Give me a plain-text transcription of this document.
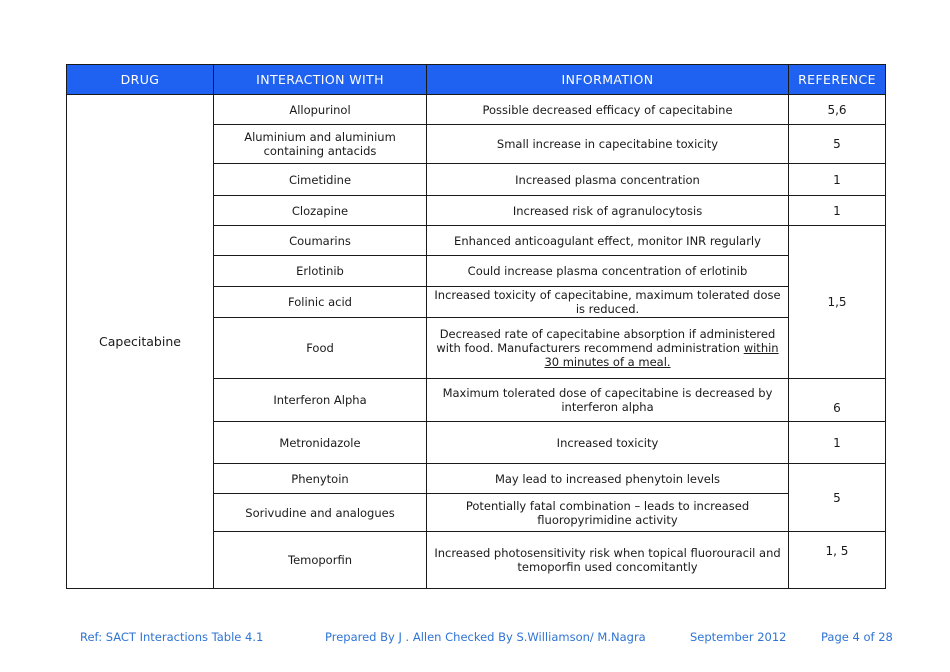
DRUG	INTERACTION WITH	INFORMATION	REFERENCE
Capecitabine	Allopurinol	Possible decreased efficacy of capecitabine	5,6
	Aluminium and aluminium containing antacids	Small increase in capecitabine toxicity	5
	Cimetidine	Increased plasma concentration	1
	Clozapine	Increased risk of agranulocytosis	1
	Coumarins	Enhanced anticoagulant effect, monitor INR regularly	1,5
	Erlotinib	Could increase plasma concentration of erlotinib	
	Folinic acid	Increased toxicity of capecitabine, maximum tolerated dose is reduced.	
	Food	Decreased rate of capecitabine absorption if administered with food. Manufacturers recommend administration within 30 minutes of a meal.	
	Interferon Alpha	Maximum tolerated dose of capecitabine is decreased by interferon alpha	6
	Metronidazole	Increased toxicity	1
	Phenytoin	May lead to increased phenytoin levels	5
	Sorivudine and analogues	Potentially fatal combination – leads to increased fluoropyrimidine activity	
	Temoporfin	Increased photosensitivity risk when topical fluorouracil and temoporfin used concomitantly	1, 5
Ref: SACT Interactions Table 4.1	Prepared By J . Allen Checked By S.Williamson/ M.Nagra	September 2012	Page 4 of 28
